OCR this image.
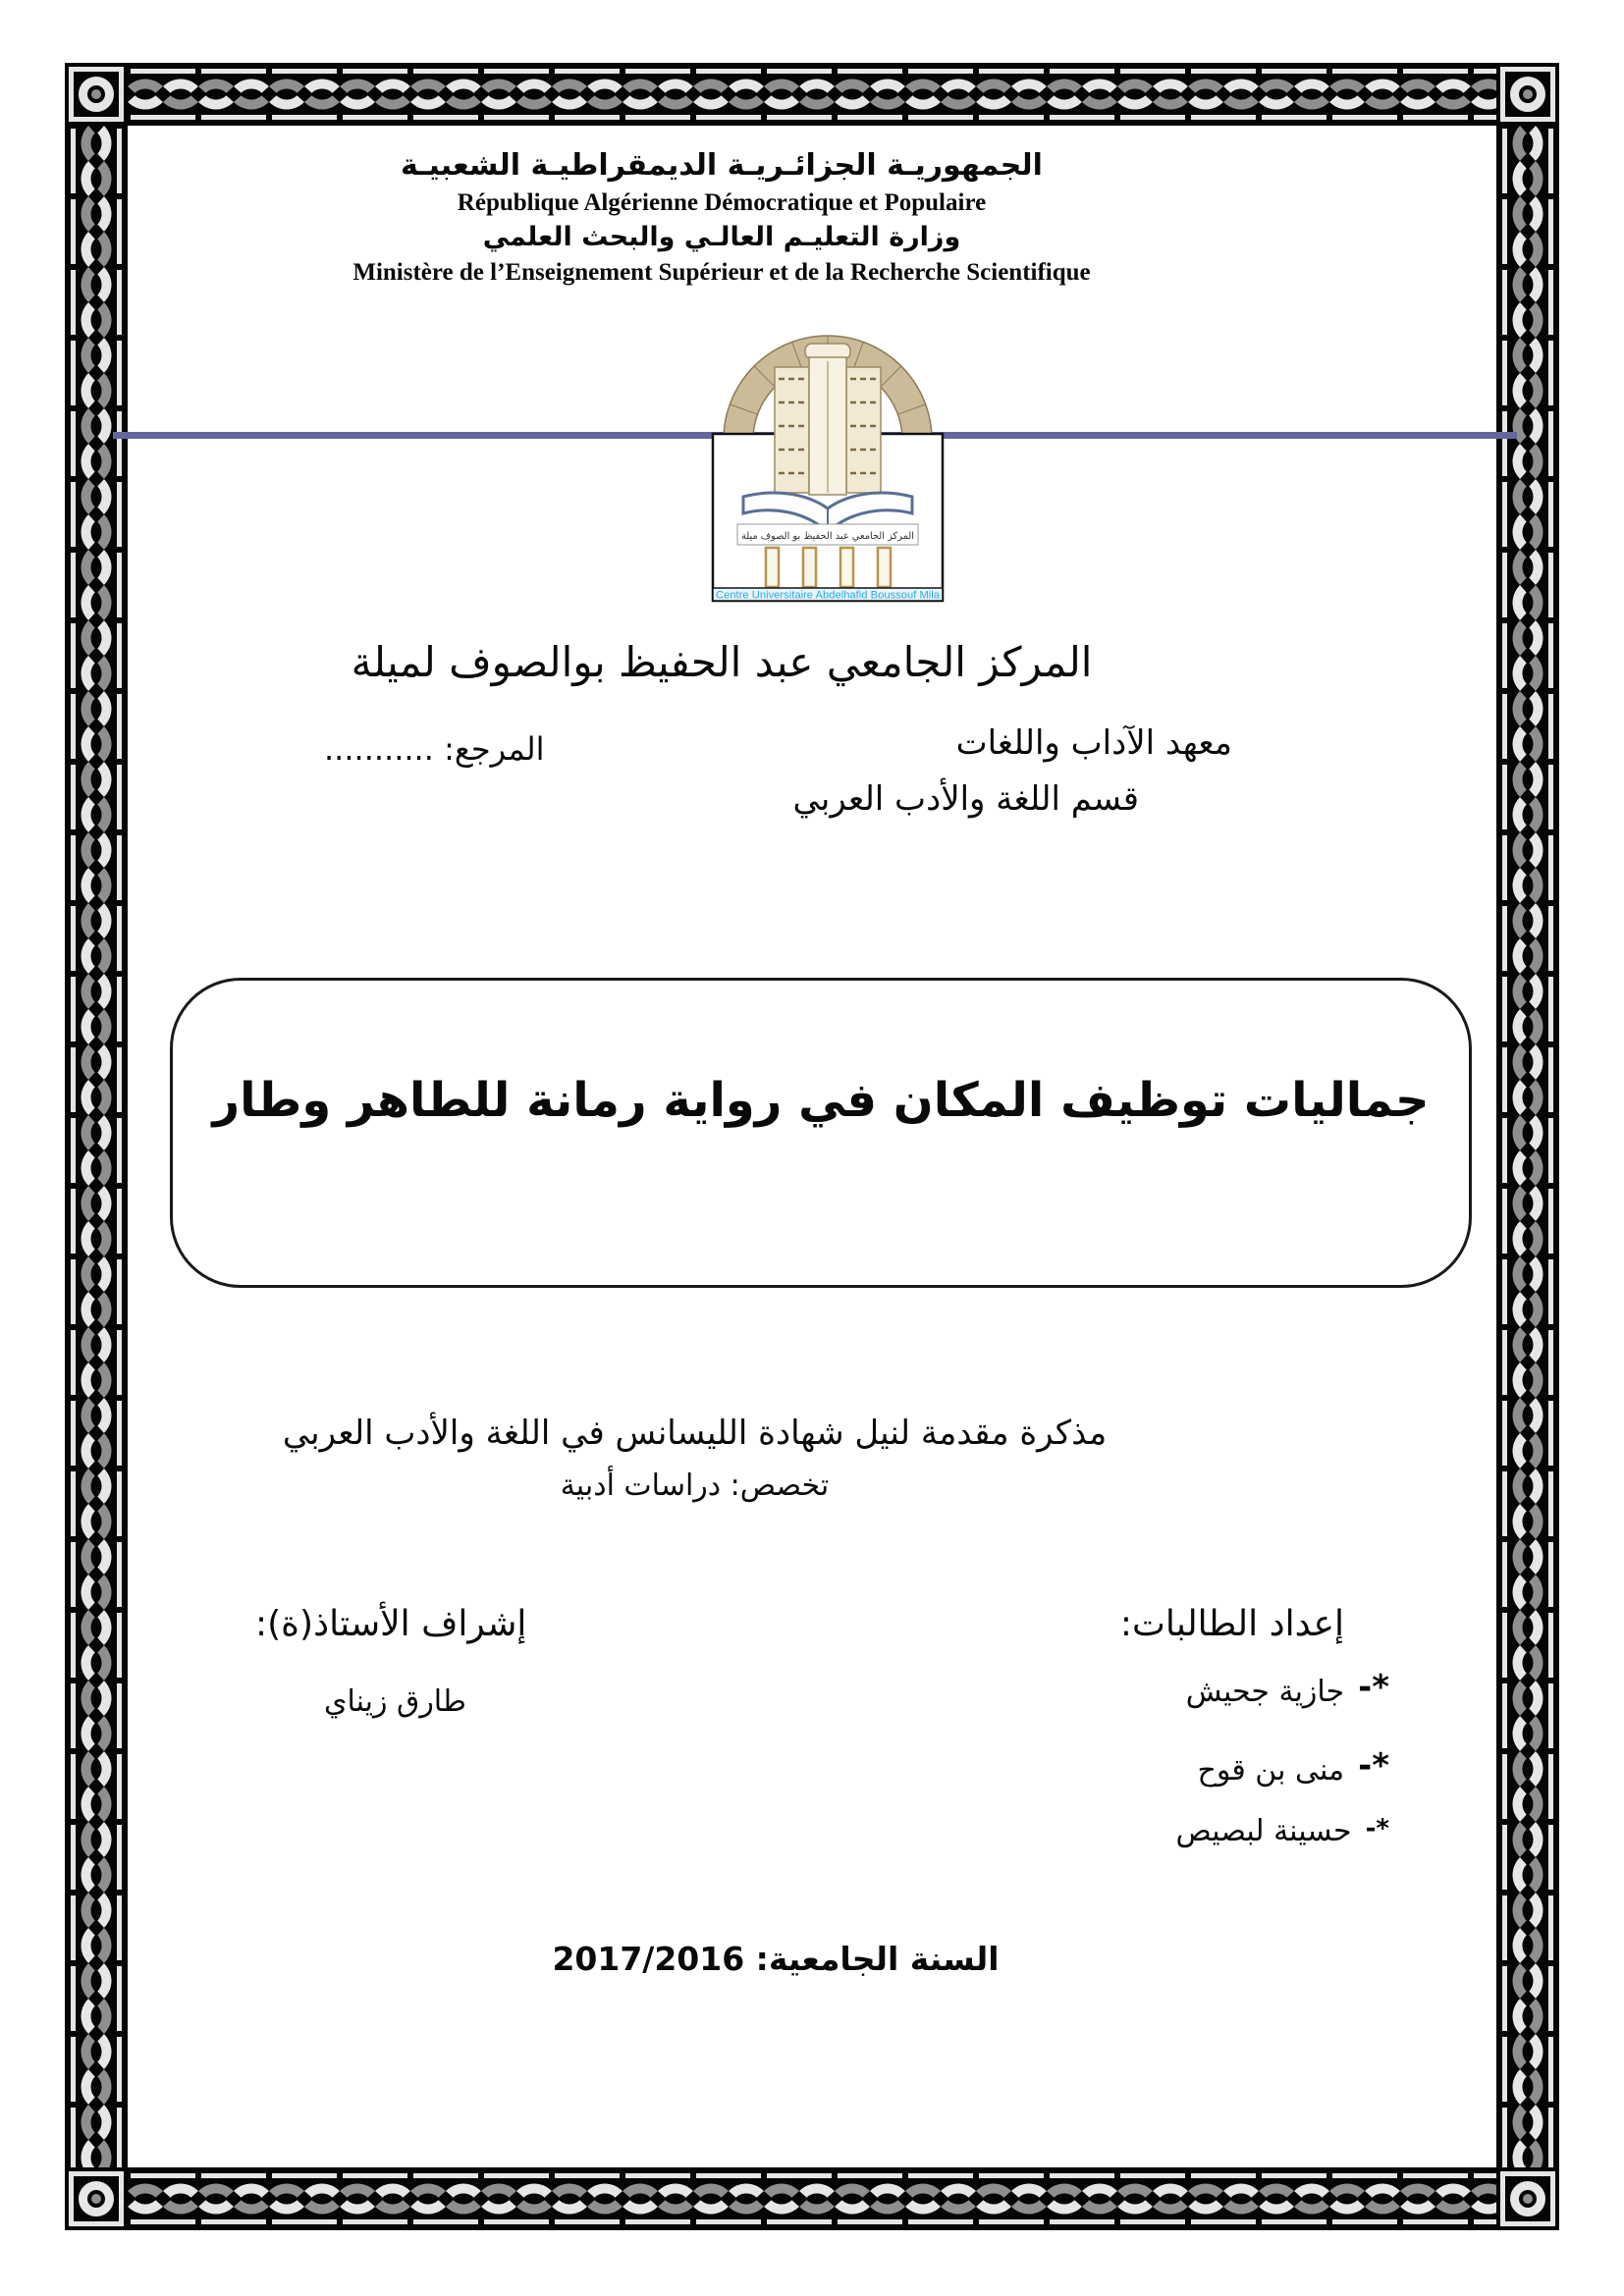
الجمهوريـة الجزائـريـة الديمقراطيـة الشعبيـة
République Algérienne Démocratique et Populaire
وزارة التعليـم العالـي والبحث العلمي
Ministère de l’Enseignement Supérieur et de la Recherche Scientifique
المركز الجامعي عبد الحفيظ بو الصوف ميلة
Centre Universitaire Abdelhafid Boussouf Mila
المركز الجامعي عبد الحفيظ بوالصوف لميلة
معهد الآداب واللغات
المرجع: ...........
قسم اللغة والأدب العربي
جماليات توظيف المكان في رواية رمانة للطاهر وطار
مذكرة مقدمة لنيل شهادة الليسانس في اللغة والأدب العربي
تخصص: دراسات أدبية
إعداد الطالبات:
إشراف الأستاذ(ة):
*-
جازية جحيش
*-
منى بن قوح
*-
حسينة لبصيص
طارق زيناي
السنة الجامعية: 2017/2016
